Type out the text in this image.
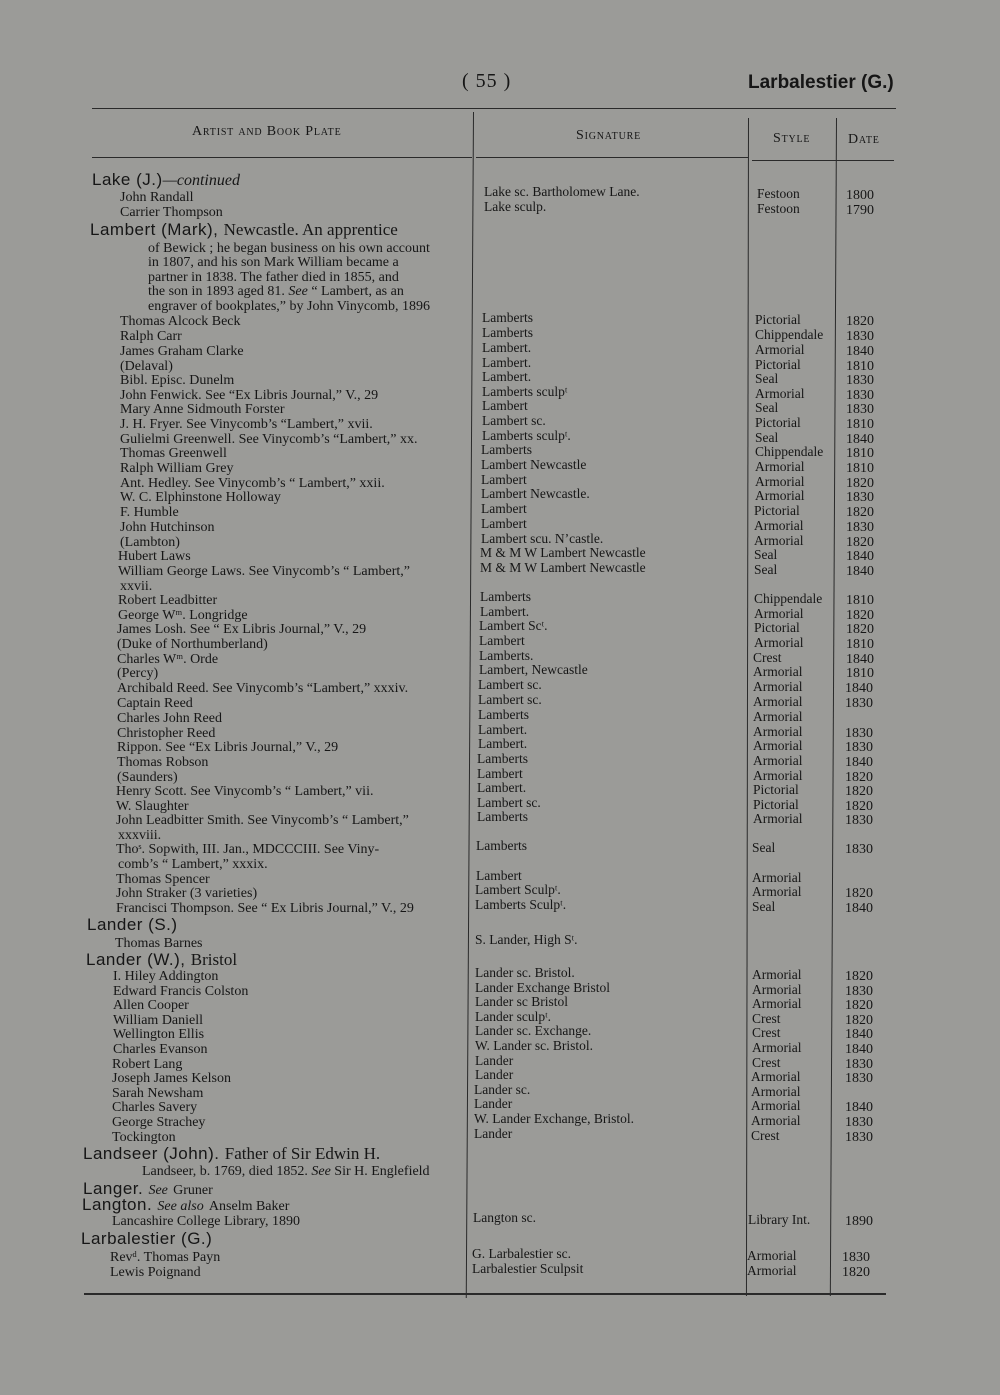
( 55 )	Larbalestier (G.)
Artist and Book Plate	Signature	Style	Date
Lake (J.)—continued
Lambert (Mark), Newcastle. An apprentice
of Bewick ; he began business on his own account
in 1807, and his son Mark William became a
partner in 1838. The father died in 1855, and
the son in 1893 aged 81. See “ Lambert, as an
engraver of bookplates,” by John Vinycomb, 1896
Lander (S.)
Lander (W.), Bristol
Landseer (John). Father of Sir Edwin H.
Landseer, b. 1769, died 1852. See Sir H. Englefield
Langer. See Gruner
Langton. See also Anselm Baker
Larbalestier (G.)
John Randall	Lake sc. Bartholomew Lane.	Festoon	1800
Carrier Thompson	Lake sculp.	Festoon	1790
Thomas Alcock Beck	Lamberts	Pictorial	1820
Ralph Carr	Lamberts	Chippendale 1830
James Graham Clarke	Lambert.	Armorial	1840
(Delaval)	Lambert.	Pictorial	1810
Bibl. Episc. Dunelm	Lambert.	Seal	1830
John Fenwick. See “Ex Libris Journal,” V., 29	Lamberts sculpᵗ	Armorial	1830
Mary Anne Sidmouth Forster	Lambert	Seal	1830
J. H. Fryer. See Vinycomb’s “Lambert,” xvii.	Lambert sc.	Pictorial	1810
Gulielmi Greenwell. See Vinycomb’s “Lambert,” xx.	Lamberts sculpᵗ.	Seal	1840
Thomas Greenwell	Lamberts	Chippendale 1810
Ralph William Grey	Lambert Newcastle	Armorial	1810
Ant. Hedley. See Vinycomb’s “ Lambert,” xxii.	Lambert	Armorial	1820
W. C. Elphinstone Holloway	Lambert Newcastle.	Armorial	1830
F. Humble	Lambert	Pictorial	1820
John Hutchinson	Lambert	Armorial	1830
(Lambton)	Lambert scu. N’castle.	Armorial	1820
Hubert Laws	M & M W Lambert Newcastle	Seal	1840
William George Laws. See Vinycomb’s “ Lambert,”	M & M W Lambert Newcastle	Seal	1840
xxvii.
Robert Leadbitter	Lamberts	Chippendale 1810
George Wᵐ. Longridge	Lambert.	Armorial	1820
James Losh. See “ Ex Libris Journal,” V., 29	Lambert Scᵗ.	Pictorial	1820
(Duke of Northumberland)	Lambert	Armorial	1810
Charles Wᵐ. Orde	Lamberts.	Crest	1840
(Percy)	Lambert, Newcastle	Armorial	1810
Archibald Reed. See Vinycomb’s “Lambert,” xxxiv.	Lambert sc.	Armorial	1840
Captain Reed	Lambert sc.	Armorial	1830
Charles John Reed	Lamberts	Armorial
Christopher Reed	Lambert.	Armorial	1830
Rippon. See “Ex Libris Journal,” V., 29	Lambert.	Armorial	1830
Thomas Robson	Lamberts	Armorial	1840
(Saunders)	Lambert	Armorial	1820
Henry Scott. See Vinycomb’s “ Lambert,” vii.	Lambert.	Pictorial	1820
W. Slaughter	Lambert sc.	Pictorial	1820
John Leadbitter Smith. See Vinycomb’s “ Lambert,”	Lamberts	Armorial	1830
xxxviii.
Thoˢ. Sopwith, III. Jan., MDCCCIII. See Viny-	Lamberts	Seal	1830
comb’s “ Lambert,” xxxix.
Thomas Spencer	Lambert	Armorial
John Straker (3 varieties)	Lambert Sculpᵗ.	Armorial	1820
Francisci Thompson. See “ Ex Libris Journal,” V., 29	Lamberts Sculpᵗ.	Seal	1840
Thomas Barnes	S. Lander, High Sᵗ.
I. Hiley Addington	Lander sc. Bristol.	Armorial	1820
Edward Francis Colston	Lander Exchange Bristol	Armorial	1830
Allen Cooper	Lander sc Bristol	Armorial	1820
William Daniell	Lander sculpᵗ.	Crest	1820
Wellington Ellis	Lander sc. Exchange.	Crest	1840
Charles Evanson	W. Lander sc. Bristol.	Armorial	1840
Robert Lang	Lander	Crest	1830
Joseph James Kelson	Lander	Armorial	1830
Sarah Newsham	Lander sc.	Armorial
Charles Savery	Lander	Armorial	1840
George Strachey	W. Lander Exchange, Bristol.	Armorial	1830
Tockington	Lander	Crest	1830
Lancashire College Library, 1890	Langton sc.	Library Int. 1890
Revᵈ. Thomas Payn	G. Larbalestier sc.	Armorial	1830
Lewis Poignand	Larbalestier Sculpsit	Armorial	1820
